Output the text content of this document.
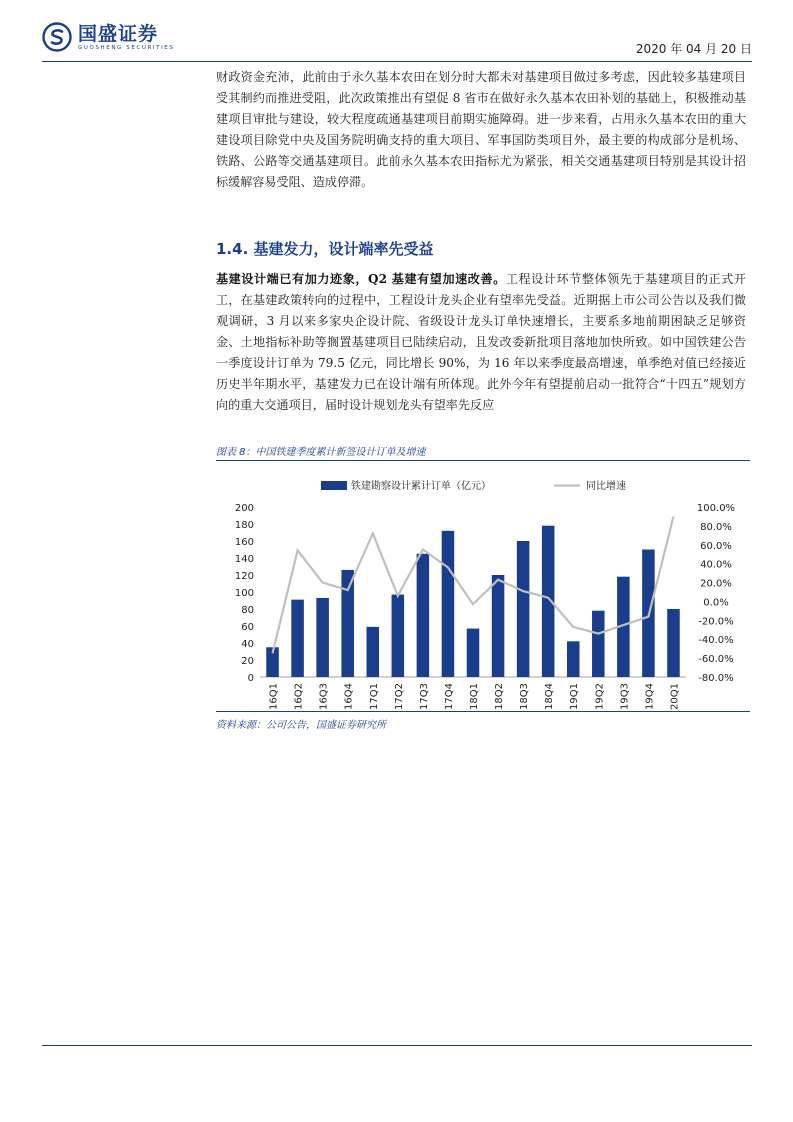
国盛证券
GUOSHENG SECURITIES	2020 年 04 月 20 日
财政资金充沛，此前由于永久基本农田在划分时大都未对基建项目做过多考虑，因此较多基建项目受其制约而推进受阻，此次政策推出有望促 8 省市在做好永久基本农田补划的基础上，积极推动基建项目审批与建设，较大程度疏通基建项目前期实施障碍。进一步来看，占用永久基本农田的重大建设项目除党中央及国务院明确支持的重大项目、军事国防类项目外，最主要的构成部分是机场、铁路、公路等交通基建项目。此前永久基本农田指标尤为紧张，相关交通基建项目特别是其设计招标缓解容易受阻、造成停滞。
1.4. 基建发力，设计端率先受益
基建设计端已有加力迹象，Q2 基建有望加速改善。工程设计环节整体领先于基建项目的正式开工，在基建政策转向的过程中，工程设计龙头企业有望率先受益。近期据上市公司公告以及我们微观调研，3 月以来多家央企设计院、省级设计龙头订单快速增长，主要系多地前期困缺乏足够资金、土地指标补助等搁置基建项目已陆续启动，且发改委新批项目落地加快所致。如中国铁建公告一季度设计订单为 79.5 亿元，同比增长 90%，为 16 年以来季度最高增速，单季绝对值已经接近历史半年期水平，基建发力已在设计端有所体现。此外今年有望提前启动一批符合“十四五”规划方向的重大交通项目，届时设计规划龙头有望率先反应
图表 8：中国铁建季度累计新签设计订单及增速
0
20
40
60
80
100
120
140
160
180
200
-80.0%
-60.0%
-40.0%
-20.0%
0.0%
20.0%
40.0%
60.0%
80.0%
100.0%
16Q1 16Q2 16Q3 16Q4 17Q1 17Q2 17Q3 17Q4 18Q1 18Q2 18Q3 18Q4 19Q1 19Q2 19Q3 19Q4 20Q1
铁建勘察设计累计订单（亿元）	同比增速
资料来源：公司公告，国盛证券研究所
